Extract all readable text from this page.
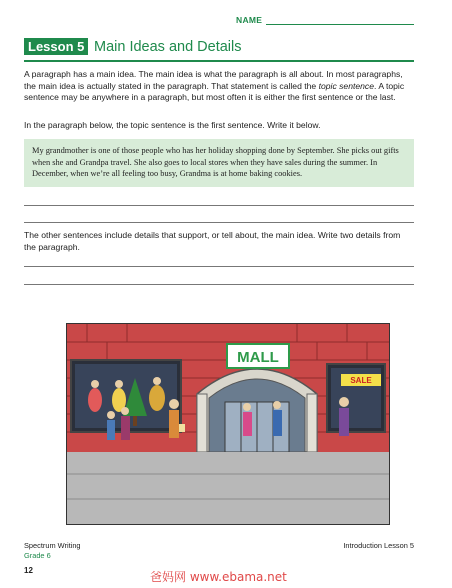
NAME
Lesson 5 Main Ideas and Details
A paragraph has a main idea. The main idea is what the paragraph is all about. In most paragraphs, the main idea is actually stated in the paragraph. That statement is called the topic sentence. A topic sentence may be anywhere in a paragraph, but most often it is either the first sentence or the last.
In the paragraph below, the topic sentence is the first sentence. Write it below.
My grandmother is one of those people who has her holiday shopping done by September. She picks out gifts when she and Grandpa travel. She also goes to local stores when they have sales during the summer. In December, when we’re all feeling too busy, Grandma is at home baking cookies.
The other sentences include details that support, or tell about, the main idea. Write two details from the paragraph.
SALE
MALL
Spectrum Writing
Grade 6
Introduction Lesson 5
12	爸妈网 www.ebama.net
